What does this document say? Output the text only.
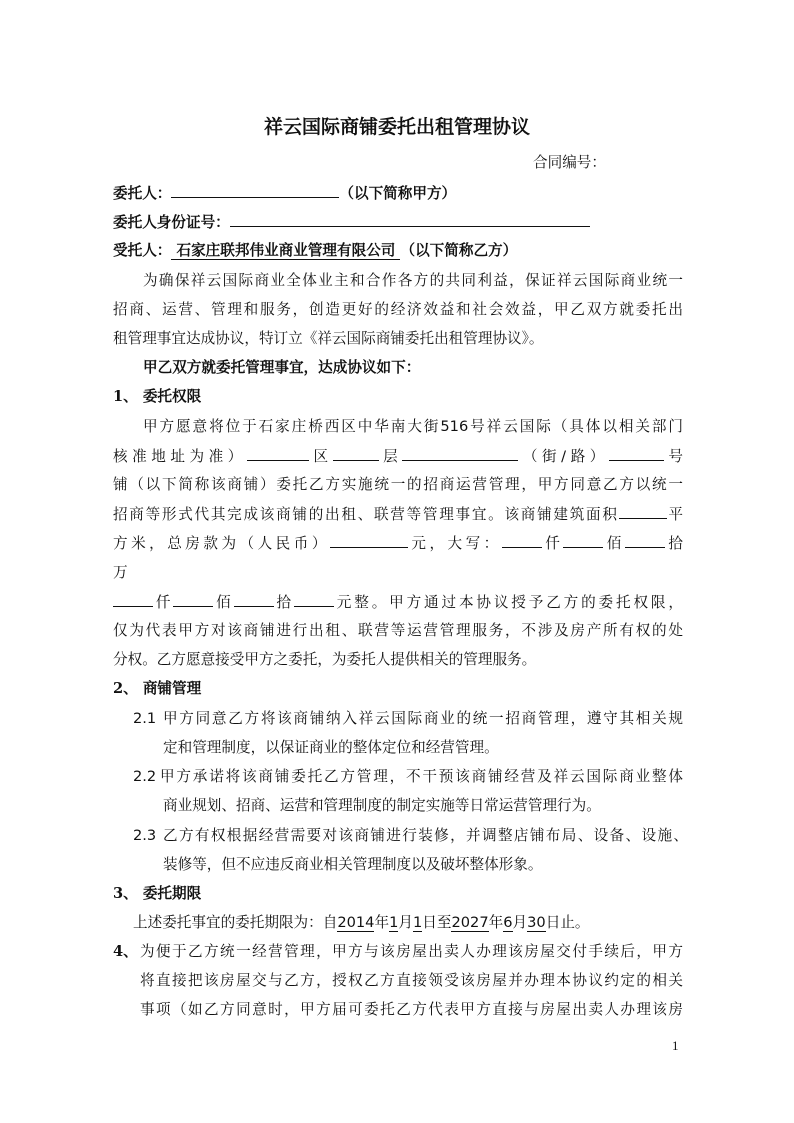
祥云国际商铺委托出租管理协议
合同编号：
委托人：	（以下简称甲方）
委托人身份证号：
受托人： 石家庄联邦伟业商业管理有限公司 （以下简称乙方）
为确保祥云国际商业全体业主和合作各方的共同利益，保证祥云国际商业统一
招商、运营、管理和服务，创造更好的经济效益和社会效益，甲乙双方就委托出
租管理事宜达成协议，特订立《祥云国际商铺委托出租管理协议》。
甲乙双方就委托管理事宜，达成协议如下：
1、 委托权限
甲方愿意将位于石家庄桥西区中华南大街516号祥云国际（具体以相关部门
核准地址为准）	区	层	（街/路）	号
铺（以下简称该商铺）委托乙方实施统一的招商运营管理，甲方同意乙方以统一
招商等形式代其完成该商铺的出租、联营等管理事宜。该商铺建筑面积	平
方米，总房款为（人民币）	元，大写：	仟	佰	拾
万
仟	佰	拾	元整。甲方通过本协议授予乙方的委托权限，
仅为代表甲方对该商铺进行出租、联营等运营管理服务，不涉及房产所有权的处
分权。乙方愿意接受甲方之委托，为委托人提供相关的管理服务。
2、 商铺管理
2.1 甲方同意乙方将该商铺纳入祥云国际商业的统一招商管理，遵守其相关规
定和管理制度，以保证商业的整体定位和经营管理。
2.2 甲方承诺将该商铺委托乙方管理，不干预该商铺经营及祥云国际商业整体
商业规划、招商、运营和管理制度的制定实施等日常运营管理行为。
2.3 乙方有权根据经营需要对该商铺进行装修，并调整店铺布局、设备、设施、
装修等，但不应违反商业相关管理制度以及破坏整体形象。
3、 委托期限
上述委托事宜的委托期限为：自2014年1月1日至2027年6月30日止。
4、 为便于乙方统一经营管理，甲方与该房屋出卖人办理该房屋交付手续后，甲方
将直接把该房屋交与乙方，授权乙方直接领受该房屋并办理本协议约定的相关
事项（如乙方同意时，甲方届可委托乙方代表甲方直接与房屋出卖人办理该房
1
